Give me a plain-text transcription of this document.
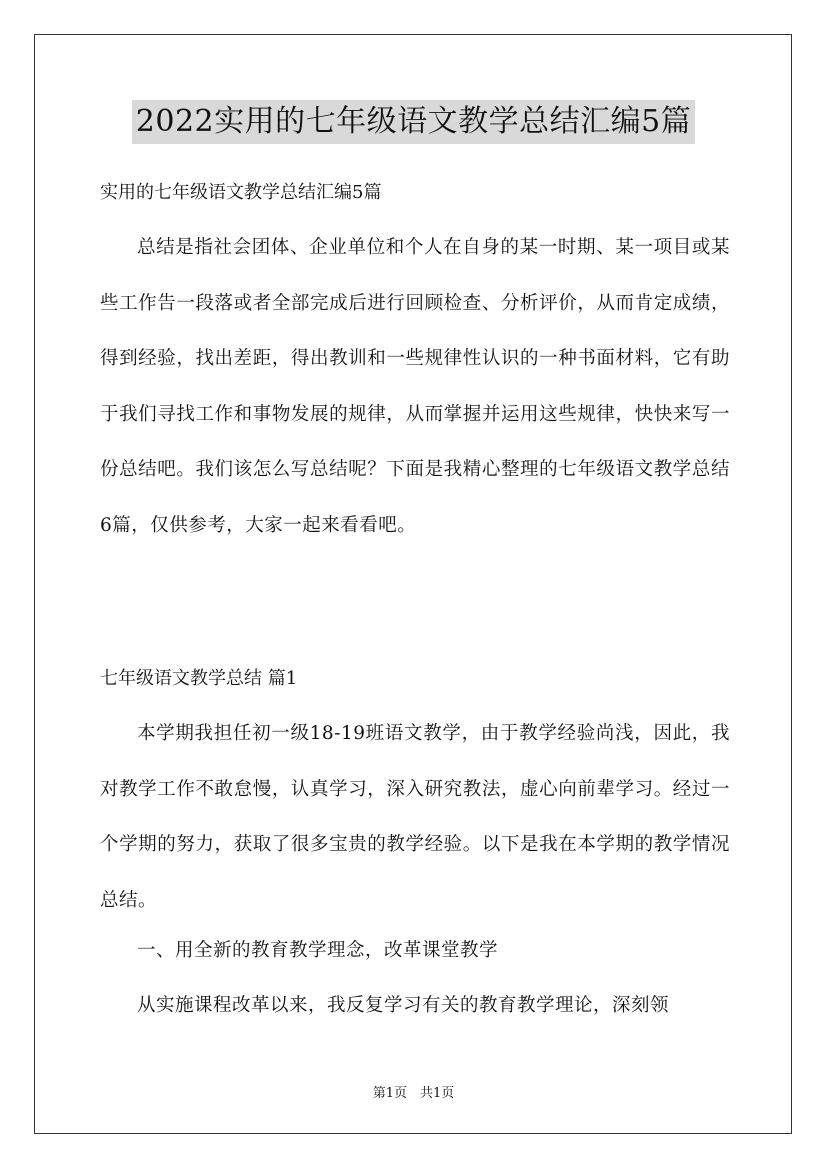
2022实用的七年级语文教学总结汇编5篇
实用的七年级语文教学总结汇编5篇
总结是指社会团体、企业单位和个人在自身的某一时期、某一项目或某些工作告一段落或者全部完成后进行回顾检查、分析评价，从而肯定成绩，得到经验，找出差距，得出教训和一些规律性认识的一种书面材料，它有助于我们寻找工作和事物发展的规律，从而掌握并运用这些规律，快快来写一份总结吧。我们该怎么写总结呢？下面是我精心整理的七年级语文教学总结6篇，仅供参考，大家一起来看看吧。
七年级语文教学总结 篇1
本学期我担任初一级18-19班语文教学，由于教学经验尚浅，因此，我对教学工作不敢怠慢，认真学习，深入研究教法，虚心向前辈学习。经过一个学期的努力，获取了很多宝贵的教学经验。以下是我在本学期的教学情况总结。
一、用全新的教育教学理念，改革课堂教学
从实施课程改革以来，我反复学习有关的教育教学理论，深刻领
第1页　共1页
